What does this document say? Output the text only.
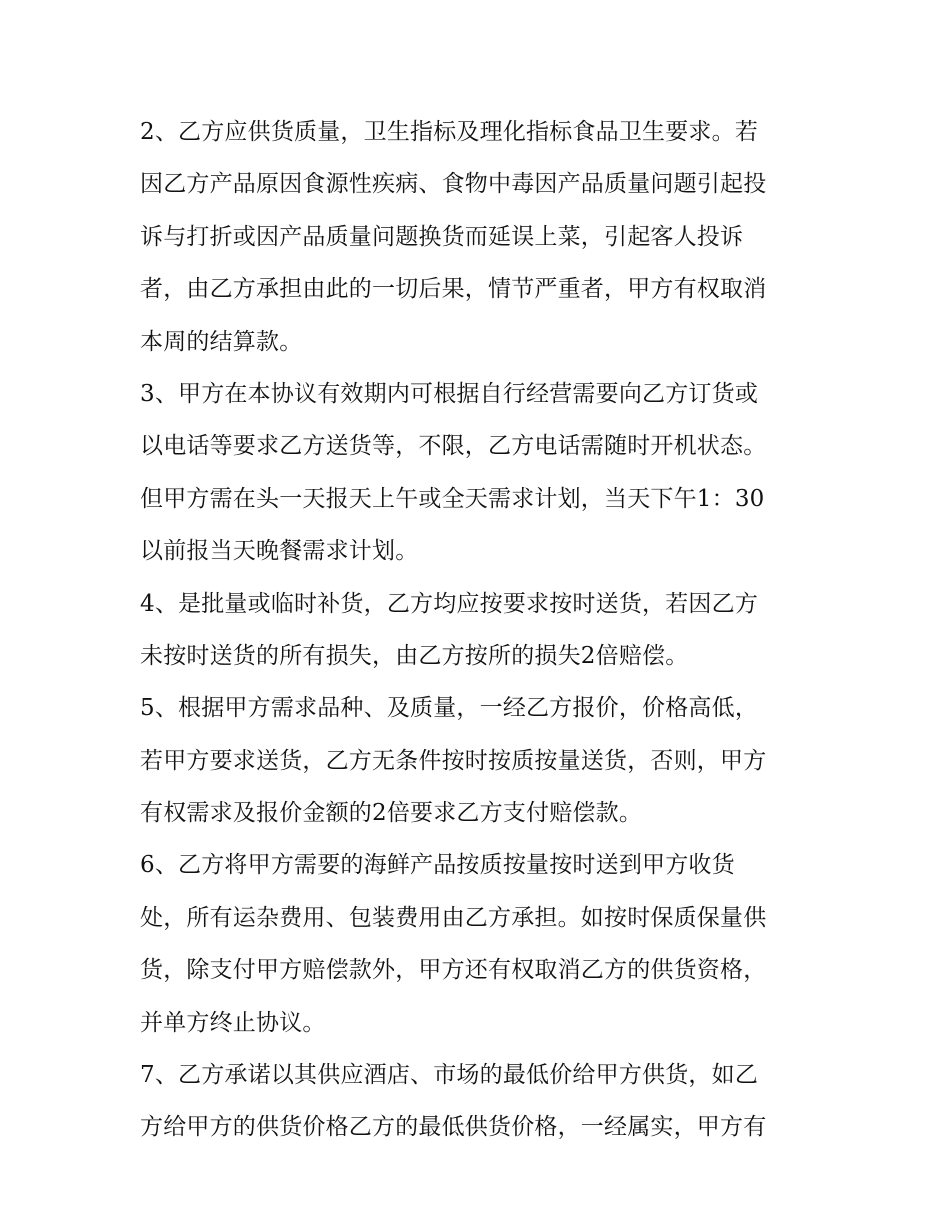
2、乙方应供货质量，卫生指标及理化指标食品卫生要求。若
因乙方产品原因食源性疾病、食物中毒因产品质量问题引起投
诉与打折或因产品质量问题换货而延误上菜，引起客人投诉
者，由乙方承担由此的一切后果，情节严重者，甲方有权取消
本周的结算款。
3、甲方在本协议有效期内可根据自行经营需要向乙方订货或
以电话等要求乙方送货等，不限，乙方电话需随时开机状态。
但甲方需在头一天报天上午或全天需求计划，当天下午1：30
以前报当天晚餐需求计划。
4、是批量或临时补货，乙方均应按要求按时送货，若因乙方
未按时送货的所有损失，由乙方按所的损失2倍赔偿。
5、根据甲方需求品种、及质量，一经乙方报价，价格高低，
若甲方要求送货，乙方无条件按时按质按量送货，否则，甲方
有权需求及报价金额的2倍要求乙方支付赔偿款。
6、乙方将甲方需要的海鲜产品按质按量按时送到甲方收货
处，所有运杂费用、包装费用由乙方承担。如按时保质保量供
货，除支付甲方赔偿款外，甲方还有权取消乙方的供货资格，
并单方终止协议。
7、乙方承诺以其供应酒店、市场的最低价给甲方供货，如乙
方给甲方的供货价格乙方的最低供货价格，一经属实，甲方有
